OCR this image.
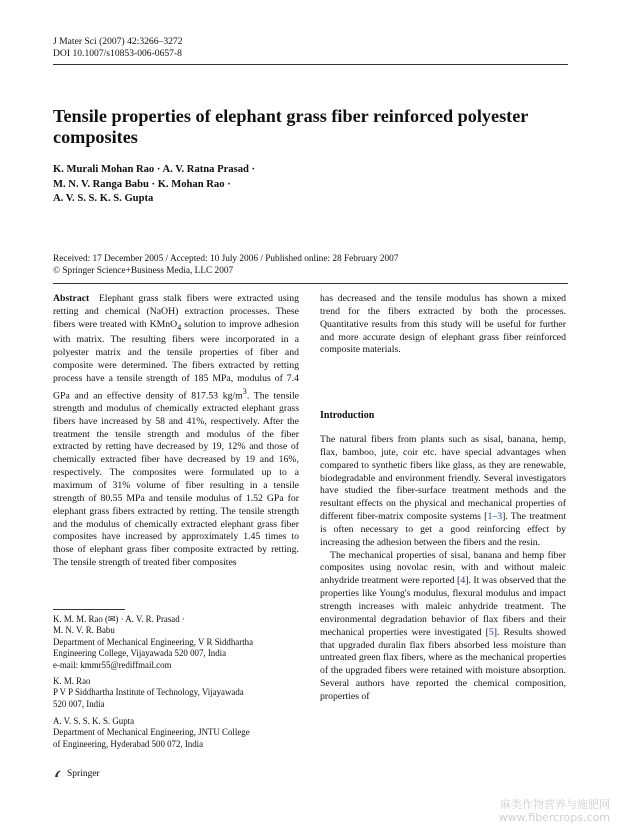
J Mater Sci (2007) 42:3266–3272
DOI 10.1007/s10853-006-0657-8
Tensile properties of elephant grass fiber reinforced polyester composites
K. Murali Mohan Rao · A. V. Ratna Prasad ·
M. N. V. Ranga Babu · K. Mohan Rao ·
A. V. S. S. K. S. Gupta
Received: 17 December 2005 / Accepted: 10 July 2006 / Published online: 28 February 2007
© Springer Science+Business Media, LLC 2007

Abstract Elephant grass stalk fibers were extracted using retting and chemical (NaOH) extraction processes. These fibers were treated with KMnO$_4$ solution to improve adhesion with matrix. The resulting fibers were incorporated in a polyester matrix and the tensile properties of fiber and composite were determined. The fibers extracted by retting process have a tensile strength of 185 MPa, modulus of 7.4 GPa and an effective density of 817.53 $kg/m^3$. The tensile strength and modulus of chemically extracted elephant grass fibers have increased by 58 and 41%, respectively. After the treatment the tensile strength and modulus of the fiber extracted by retting have decreased by 19, 12% and those of chemically extracted fiber have decreased by 19 and 16%, respectively. The composites were formulated up to a maximum of 31% volume of fiber resulting in a tensile strength of 80.55 MPa and tensile modulus of 1.52 GPa for elephant grass fibers extracted by retting. The tensile strength and the modulus of chemically extracted elephant grass fiber composites have increased by approximately 1.45 times to those of elephant grass fiber composite extracted by retting. The tensile strength of treated fiber composites

has decreased and the tensile modulus has shown a mixed trend for the fibers extracted by both the processes. Quantitative results from this study will be useful for further and more accurate design of elephant grass fiber reinforced composite materials.

Introduction

The natural fibers from plants such as sisal, banana, hemp, flax, bamboo, jute, coir etc. have special advantages when compared to synthetic fibers like glass, as they are renewable, biodegradable and environment friendly. Several investigators have studied the fiber-surface treatment methods and the resultant effects on the physical and mechanical properties of different fiber-matrix composite systems [1–3]. The treatment is often necessary to get a good reinforcing effect by increasing the adhesion between the fibers and the resin.

The mechanical properties of sisal, banana and hemp fiber composites using novolac resin, with and without maleic anhydride treatment were reported [4]. It was observed that the properties like Young's modulus, flexural modulus and impact strength increases with maleic anhydride treatment. The environmental degradation behavior of flax fibers and their mechanical properties were investigated [5]. Results showed that upgraded duralin flax fibers absorbed less moisture than untreated green flax fibers, where as the mechanical properties of the upgraded fibers were retained with moisture absorption. Several authors have reported the chemical composition, properties of

K. M. M. Rao (✉) · A. V. R. Prasad ·
M. N. V. R. Babu
Department of Mechanical Engineering, V R Siddhartha
Engineering College, Vijayawada 520 007, India
e-mail: kmmr55@rediffmail.com
K. M. Rao
P V P Siddhartha Institute of Technology, Vijayawada
520 007, India
A. V. S. S. K. S. Gupta
Department of Mechanical Engineering, JNTU College
of Engineering, Hyderabad 500 072, India
Springer
麻类作物营养与施肥网
www.fibercrops.com
